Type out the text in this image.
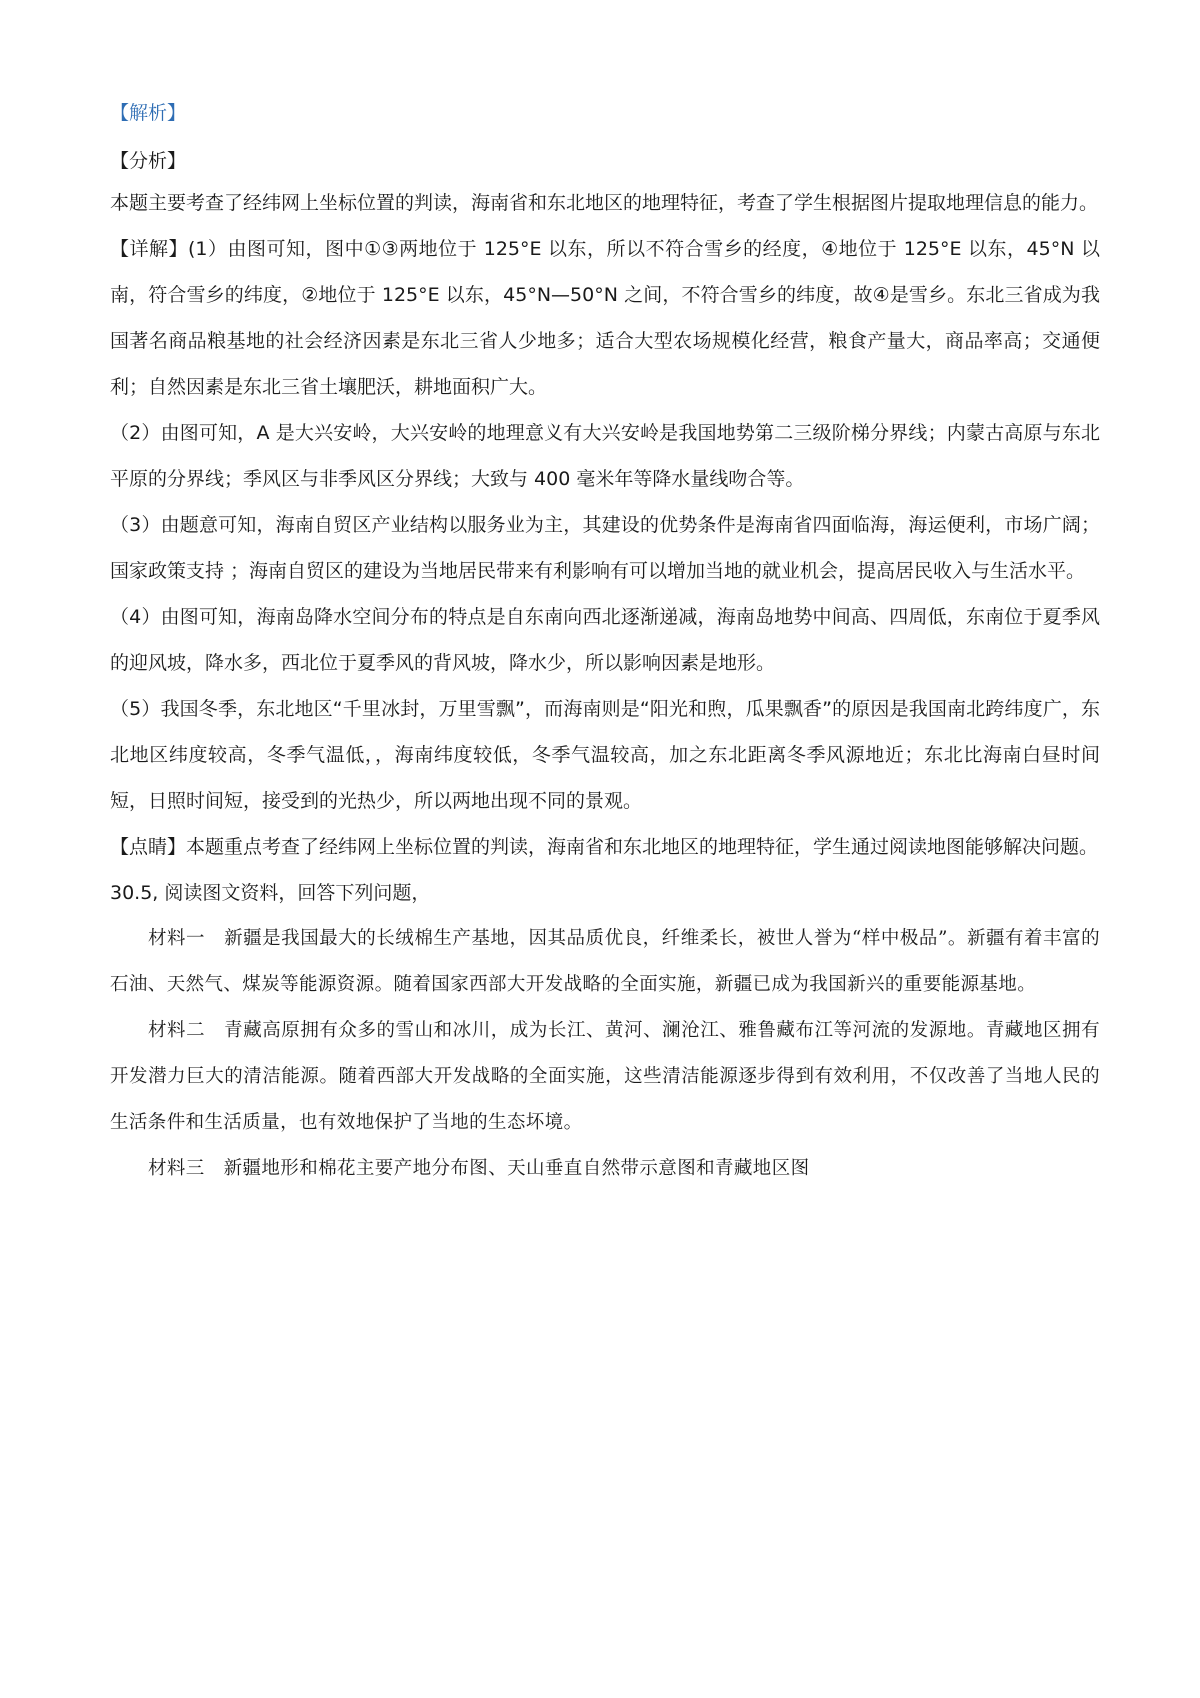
【解析】

【分析】

本题主要考查了经纬网上坐标位置的判读，海南省和东北地区的地理特征，考查了学生根据图片提取地理信息的能力。

【详解】(1）由图可知，图中①③两地位于 125°E 以东，所以不符合雪乡的经度，④地位于 125°E 以东，45°N 以南，符合雪乡的纬度，②地位于 125°E 以东，45°N—50°N 之间，不符合雪乡的纬度，故④是雪乡。东北三省成为我国著名商品粮基地的社会经济因素是东北三省人少地多；适合大型农场规模化经营，粮食产量大，商品率高；交通便利；自然因素是东北三省土壤肥沃，耕地面积广大。

（2）由图可知，A 是大兴安岭，大兴安岭的地理意义有大兴安岭是我国地势第二三级阶梯分界线；内蒙古高原与东北平原的分界线；季风区与非季风区分界线；大致与 400 毫米年等降水量线吻合等。

（3）由题意可知，海南自贸区产业结构以服务业为主，其建设的优势条件是海南省四面临海，海运便利，市场广阔；国家政策支持 ；海南自贸区的建设为当地居民带来有利影响有可以增加当地的就业机会，提高居民收入与生活水平。

（4）由图可知，海南岛降水空间分布的特点是自东南向西北逐渐递减，海南岛地势中间高、四周低，东南位于夏季风的迎风坡，降水多，西北位于夏季风的背风坡，降水少，所以影响因素是地形。

（5）我国冬季，东北地区“千里冰封，万里雪飘”，而海南则是“阳光和煦，瓜果飘香”的原因是我国南北跨纬度广，东北地区纬度较高，冬季气温低，，海南纬度较低，冬季气温较高，加之东北距离冬季风源地近；东北比海南白昼时间短，日照时间短，接受到的光热少，所以两地出现不同的景观。

【点睛】本题重点考查了经纬网上坐标位置的判读，海南省和东北地区的地理特征，学生通过阅读地图能够解决问题。

30.5, 阅读图文资料，回答下列问题，

材料一　新疆是我国最大的长绒棉生产基地，因其品质优良，纤维柔长，被世人誉为“样中极品”。新疆有着丰富的石油、天然气、煤炭等能源资源。随着国家西部大开发战略的全面实施，新疆已成为我国新兴的重要能源基地。

材料二　青藏高原拥有众多的雪山和冰川，成为长江、黄河、澜沧江、雅鲁藏布江等河流的发源地。青藏地区拥有开发潜力巨大的清洁能源。随着西部大开发战略的全面实施，这些清洁能源逐步得到有效利用，不仅改善了当地人民的生活条件和生活质量，也有效地保护了当地的生态坏境。

材料三　新疆地形和棉花主要产地分布图、天山垂直自然带示意图和青藏地区图
